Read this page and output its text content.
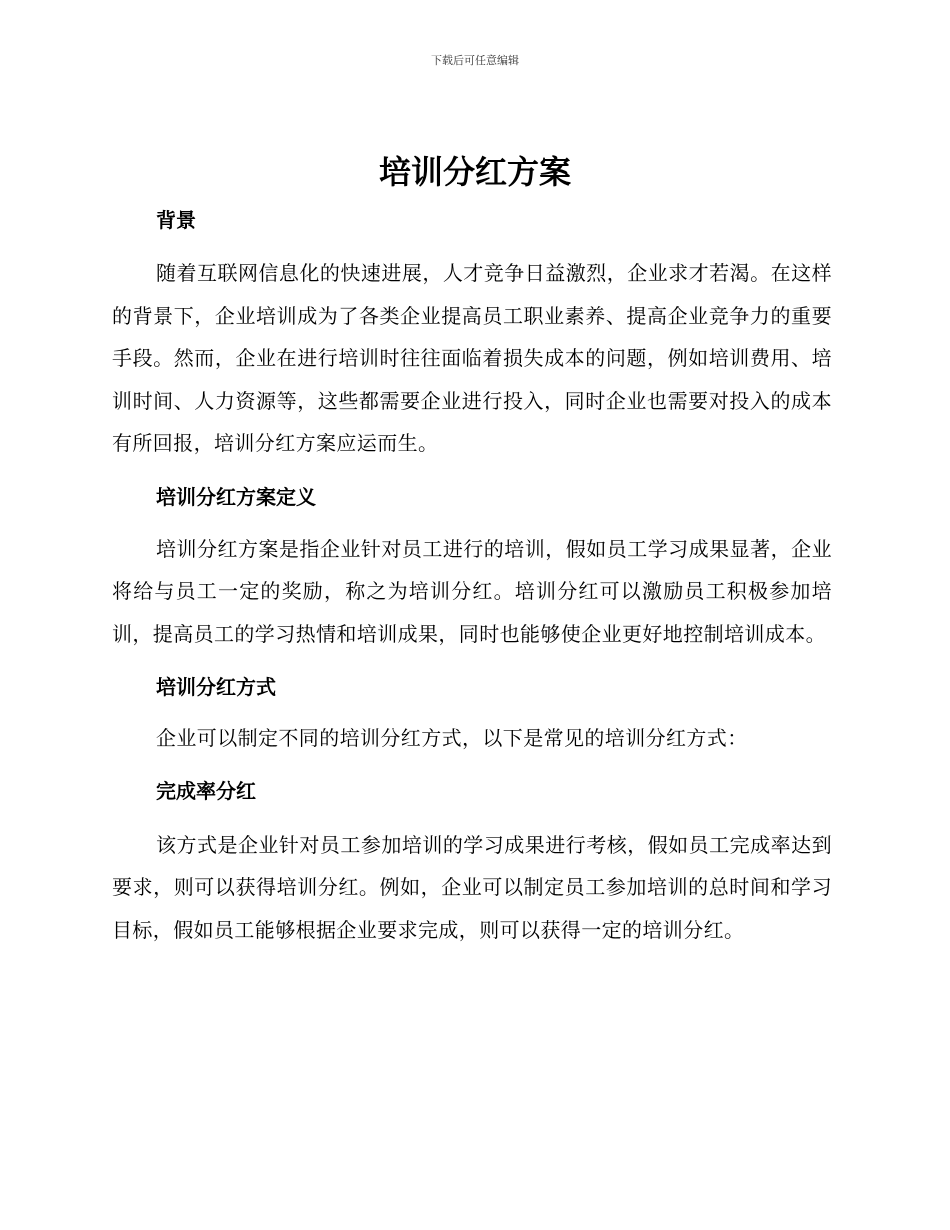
下载后可任意编辑
培训分红方案
背景

随着互联网信息化的快速进展，人才竞争日益激烈，企业求才若渴。在这样的背景下，企业培训成为了各类企业提高员工职业素养、提高企业竞争力的重要手段。然而，企业在进行培训时往往面临着损失成本的问题，例如培训费用、培训时间、人力资源等，这些都需要企业进行投入，同时企业也需要对投入的成本有所回报，培训分红方案应运而生。

培训分红方案定义

培训分红方案是指企业针对员工进行的培训，假如员工学习成果显著，企业将给与员工一定的奖励，称之为培训分红。培训分红可以激励员工积极参加培训，提高员工的学习热情和培训成果，同时也能够使企业更好地控制培训成本。

培训分红方式

企业可以制定不同的培训分红方式，以下是常见的培训分红方式：

完成率分红

该方式是企业针对员工参加培训的学习成果进行考核，假如员工完成率达到要求，则可以获得培训分红。例如，企业可以制定员工参加培训的总时间和学习目标，假如员工能够根据企业要求完成，则可以获得一定的培训分红。
